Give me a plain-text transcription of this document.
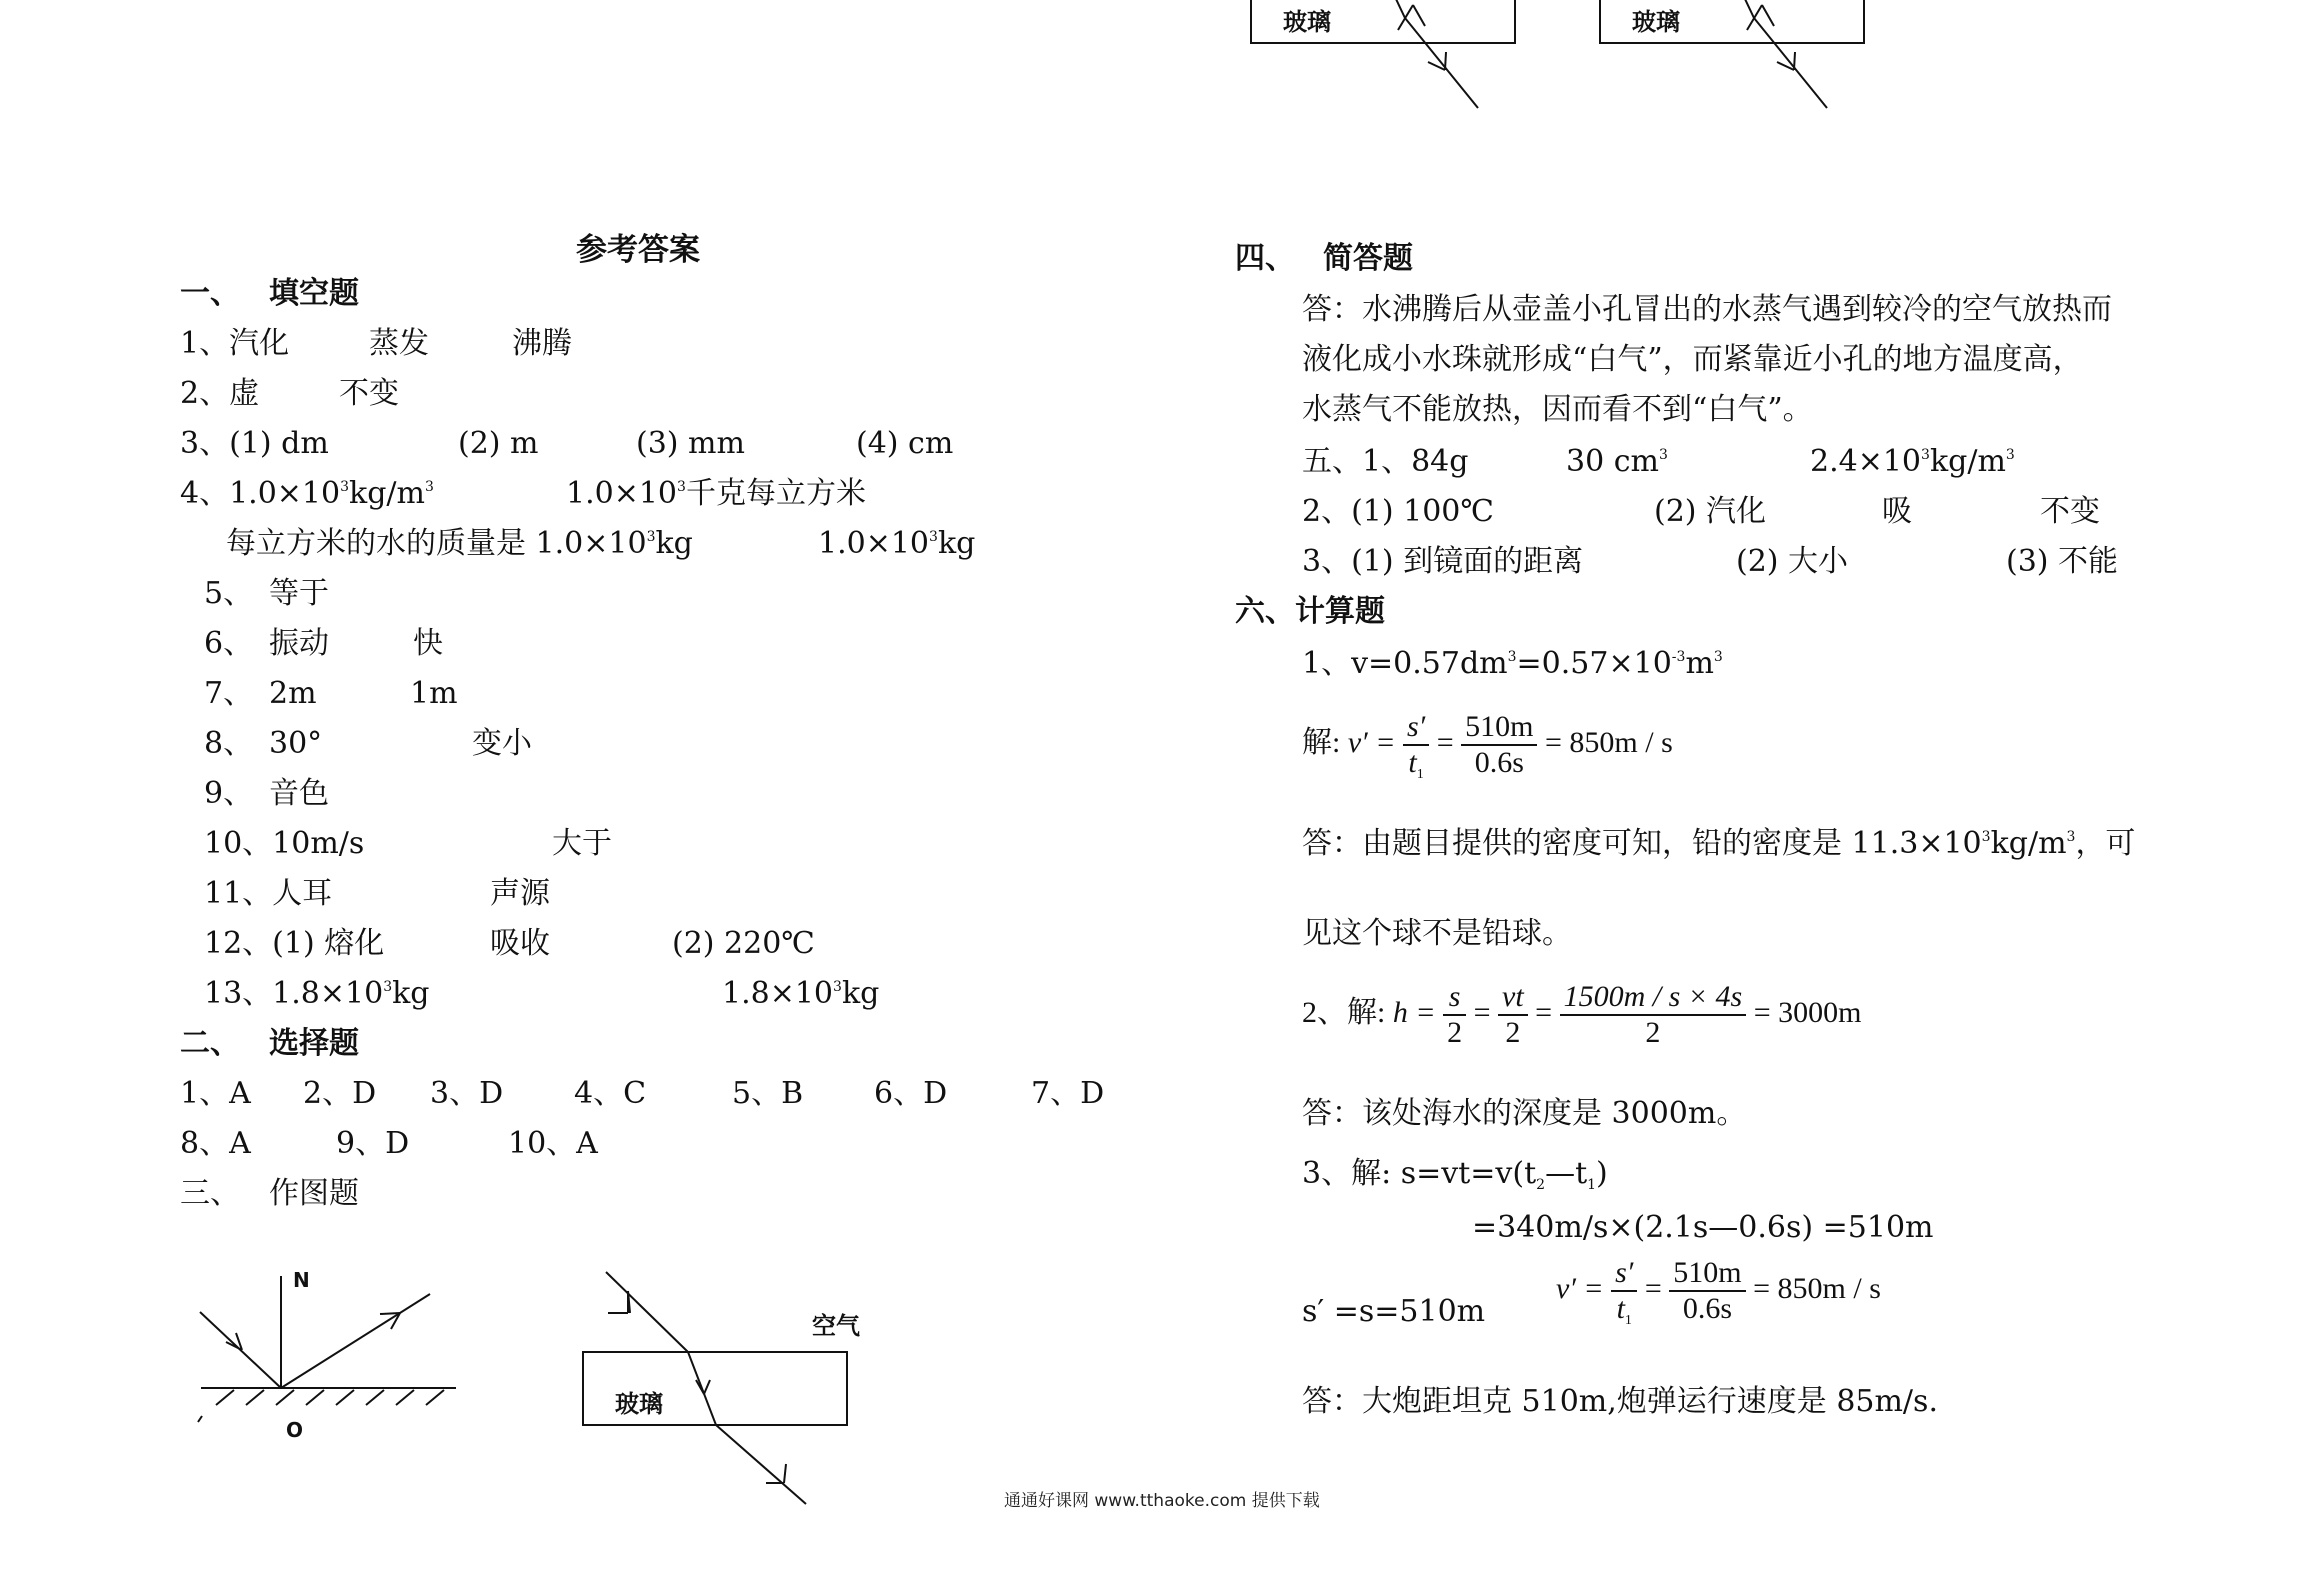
玻璃	玻璃
参考答案
一、 填空题
1、汽化	蒸发	沸腾
2、虚	不变
3、(1) dm	(2) m	(3) mm	(4) cm
4、$1.0\times 10^3kg/m^3$	$1.0\times 10^3$千克每立方米
每立方米的水的质量是 $1.0\times 10^3kg$	$1.0\times 10^3kg$
5、 等于
6、 振动	快
7、 2m	1m
8、 30°	变小
9、 音色
10、10m/s	大于
11、人耳	声源
12、(1) 熔化	吸收	(2) 220℃
13、$1.8\times 10^3kg$	$1.8\times 10^3kg$
二、 选择题
1、A 2、D 3、D 4、C	5、B 6、D	7、D
8、A	9、D	10、A
三、 作图题
N
O
空气
玻璃
四、 简答题
答：水沸腾后从壶盖小孔冒出的水蒸气遇到较冷的空气放热而
液化成小水珠就形成“白气”，而紧靠近小孔的地方温度高，
水蒸气不能放热，因而看不到“白气”。
五、1、84g	30 $cm^3$	$2.4\times 10^3kg/m^3$
2、(1) 100℃	(2) 汽化	吸	不变
3、(1) 到镜面的距离	(2) 大小	(3) 不能
六、计算题
1、$v=0.57dm^3=0.57\times 10^{-3}m^3$
解: $v' = \frac{s'}{t_1} = \frac{510m}{0.6s} = 850m / s$
答：由题目提供的密度可知，铅的密度是 $11.3\times 10^3kg/m^3$，可
见这个球不是铅球。
2、解: $h = \frac{s}{2} = \frac{vt}{2} = \frac{1500m / s \times 4s}{2} = 3000m$
答：该处海水的深度是 3000m。
3、解: $s=vt=v(t_2—t_1)$
=340m/s×(2.1s—0.6s) =510m
s′ =s=510m
$v' = \frac{s'}{t_1} = \frac{510m}{0.6s} = 850m / s$
答：大炮距坦克 510m,炮弹运行速度是 85m/s.
通通好课网 www.tthaoke.com 提供下载
